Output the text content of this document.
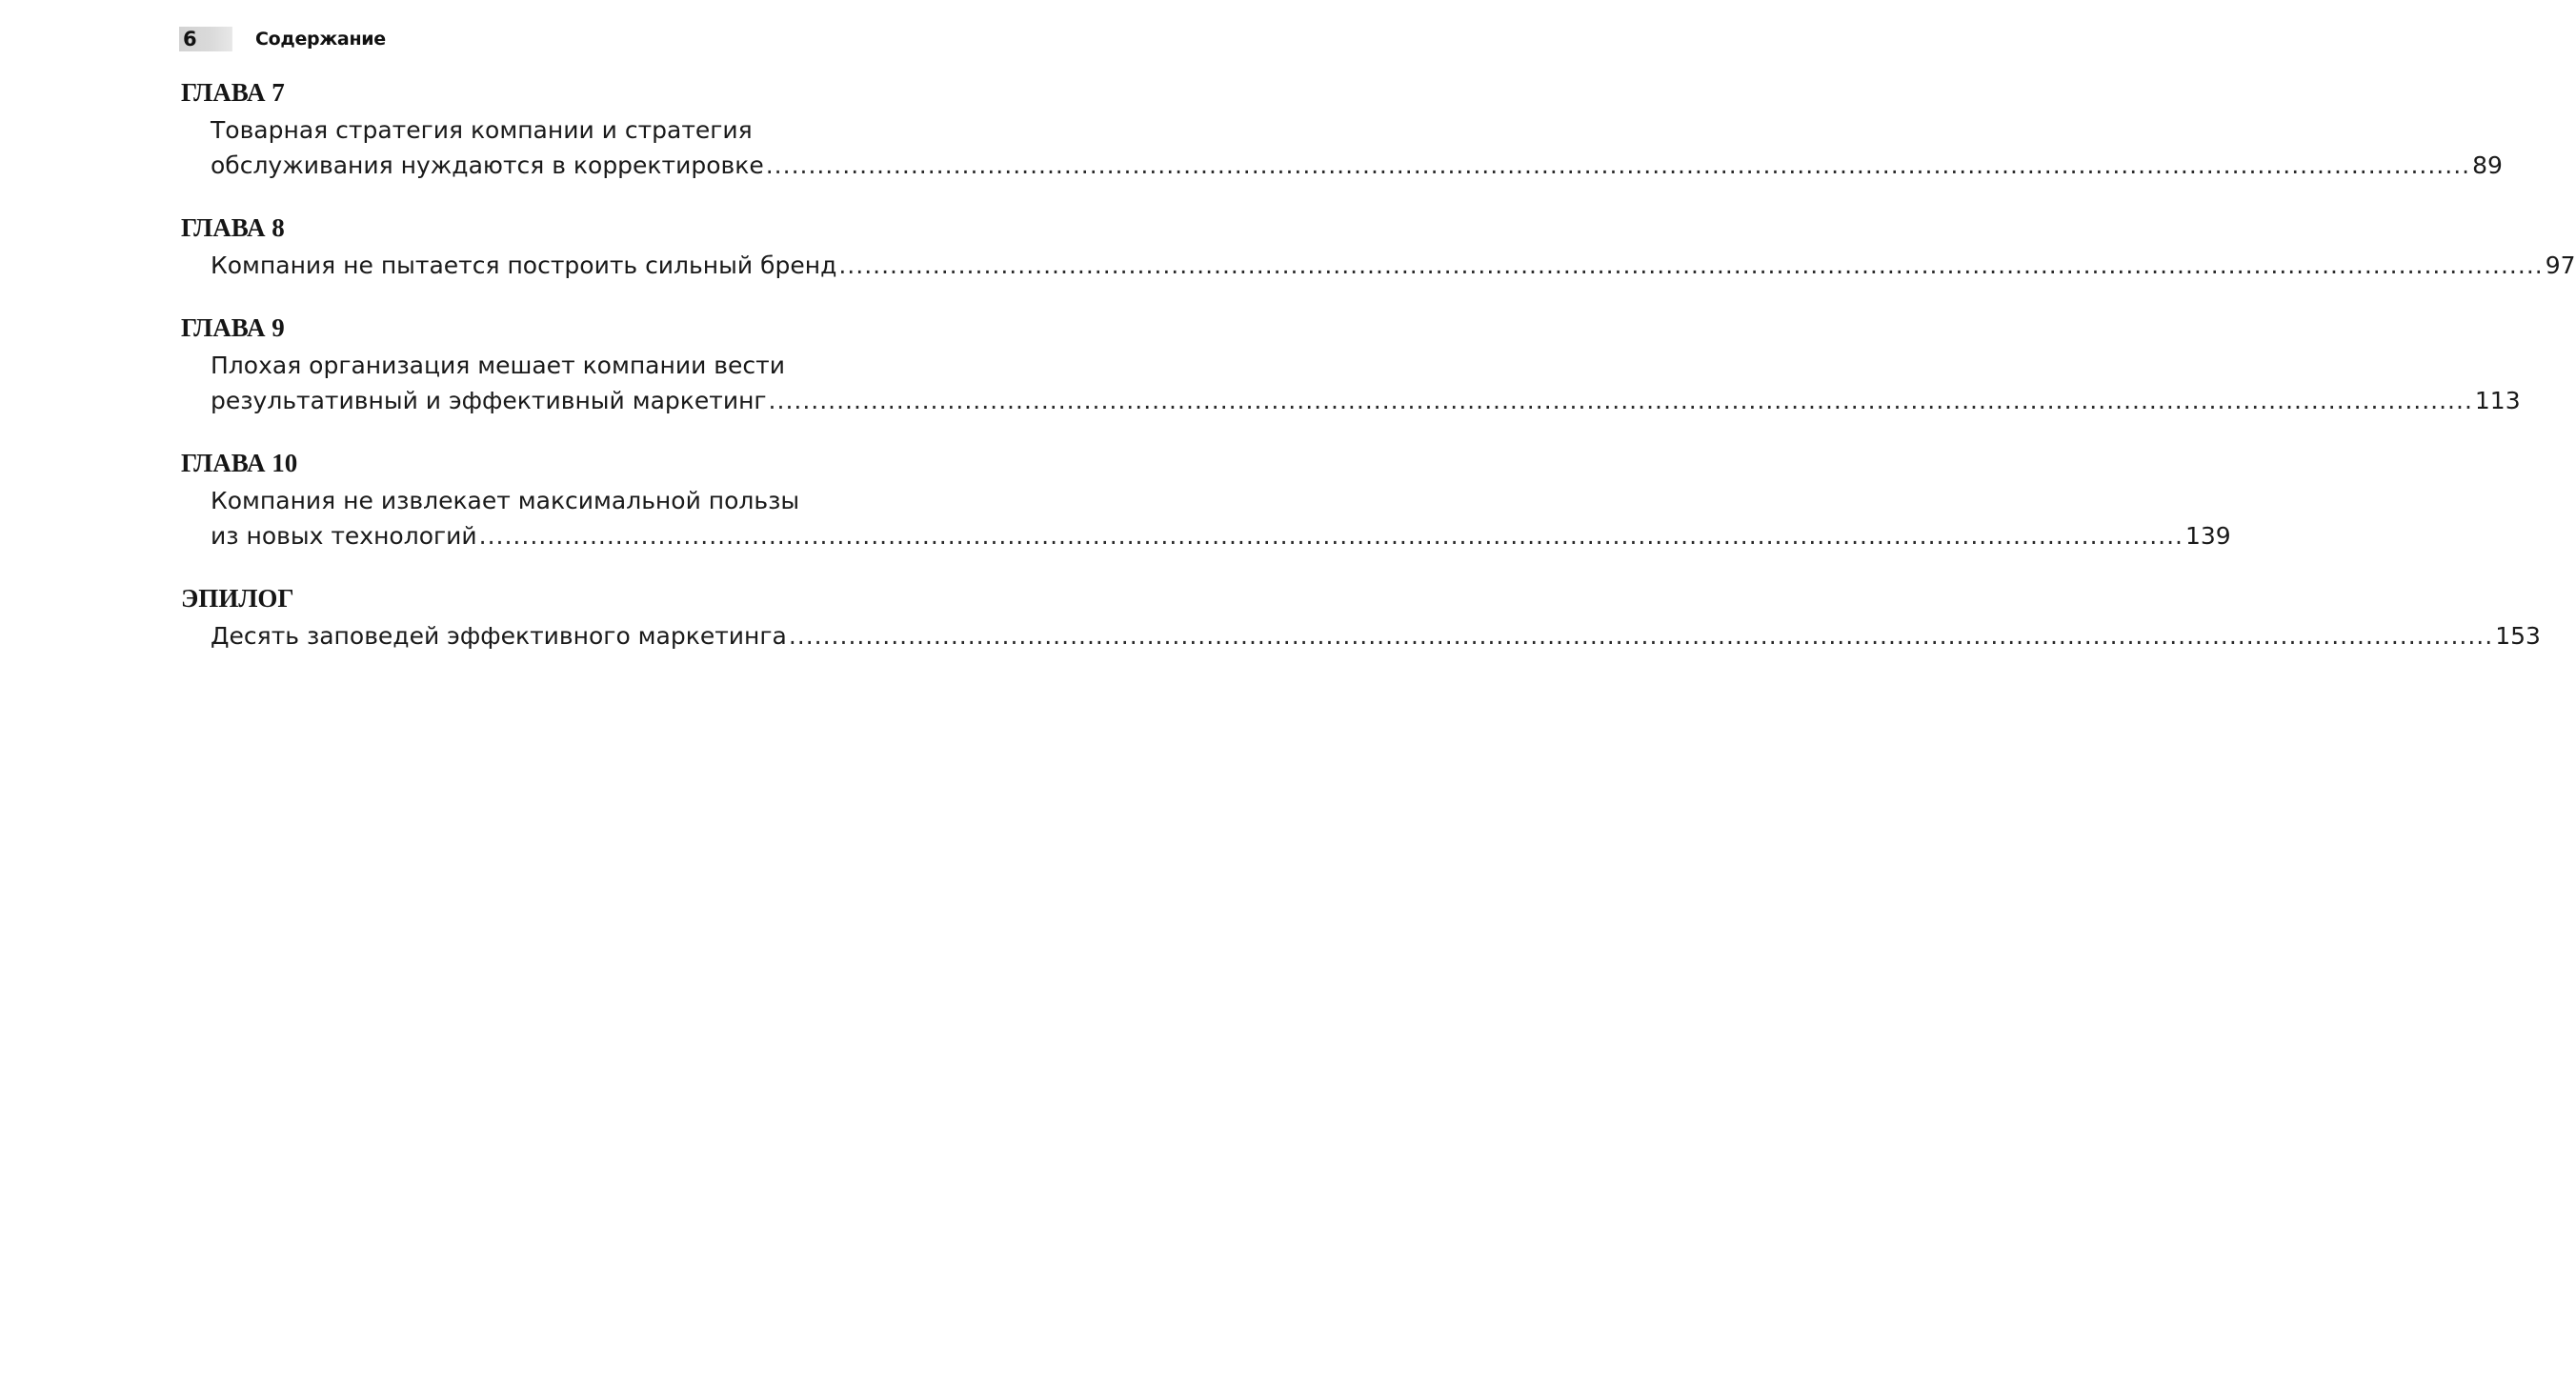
6	Содержание
ГЛАВА 7
Товарная стратегия компании и стратегия
обслуживания нуждаются в корректировке ........................................................................................................................................................................................................ 89
ГЛАВА 8
Компания не пытается построить сильный бренд ........................................................................................................................................................................................................ 97
ГЛАВА 9
Плохая организация мешает компании вести
результативный и эффективный маркетинг ........................................................................................................................................................................................................ 113
ГЛАВА 10
Компания не извлекает максимальной пользы
из новых технологий ........................................................................................................................................................................................................ 139
ЭПИЛОГ
Десять заповедей эффективного маркетинга ........................................................................................................................................................................................................ 153
